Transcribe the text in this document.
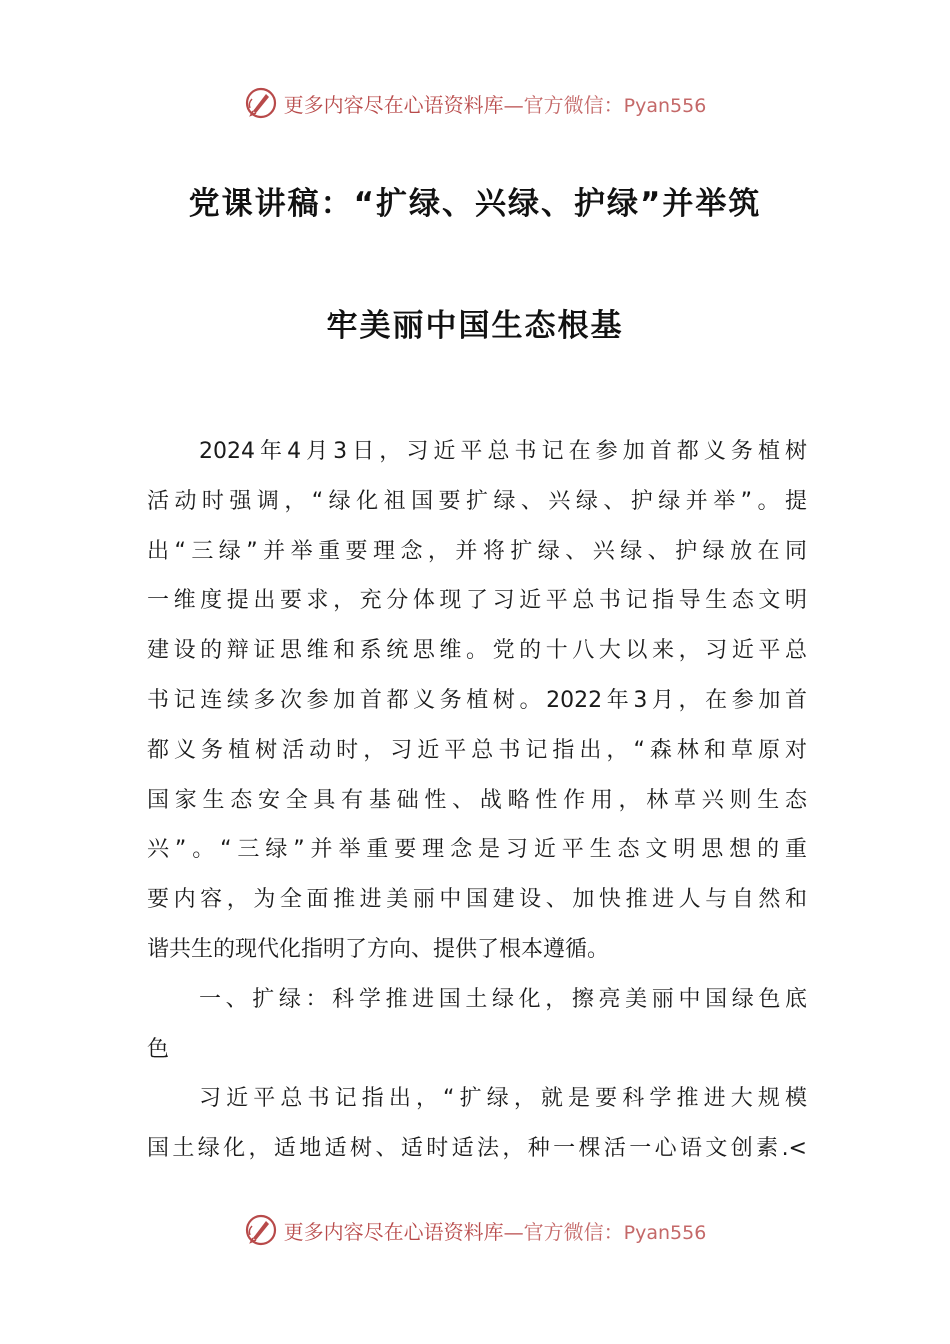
更多内容尽在心语资料库—官方微信：Pyan556
党课讲稿：“扩绿、兴绿、护绿”并举筑
牢美丽中国生态根基
2024年4月3日，习近平总书记在参加首都义务植树
活动时强调，“绿化祖国要扩绿、兴绿、护绿并举”。提
出“三绿”并举重要理念，并将扩绿、兴绿、护绿放在同
一维度提出要求，充分体现了习近平总书记指导生态文明
建设的辩证思维和系统思维。党的十八大以来，习近平总
书记连续多次参加首都义务植树。2022年3月，在参加首
都义务植树活动时，习近平总书记指出，“森林和草原对
国家生态安全具有基础性、战略性作用，林草兴则生态
兴”。“三绿”并举重要理念是习近平生态文明思想的重
要内容，为全面推进美丽中国建设、加快推进人与自然和
谐共生的现代化指明了方向、提供了根本遵循。
一、扩绿：科学推进国土绿化，擦亮美丽中国绿色底
色
习近平总书记指出，“扩绿，就是要科学推进大规模
国土绿化，适地适树、适时适法，种一棵活一心语文创素.<
更多内容尽在心语资料库—官方微信：Pyan556
